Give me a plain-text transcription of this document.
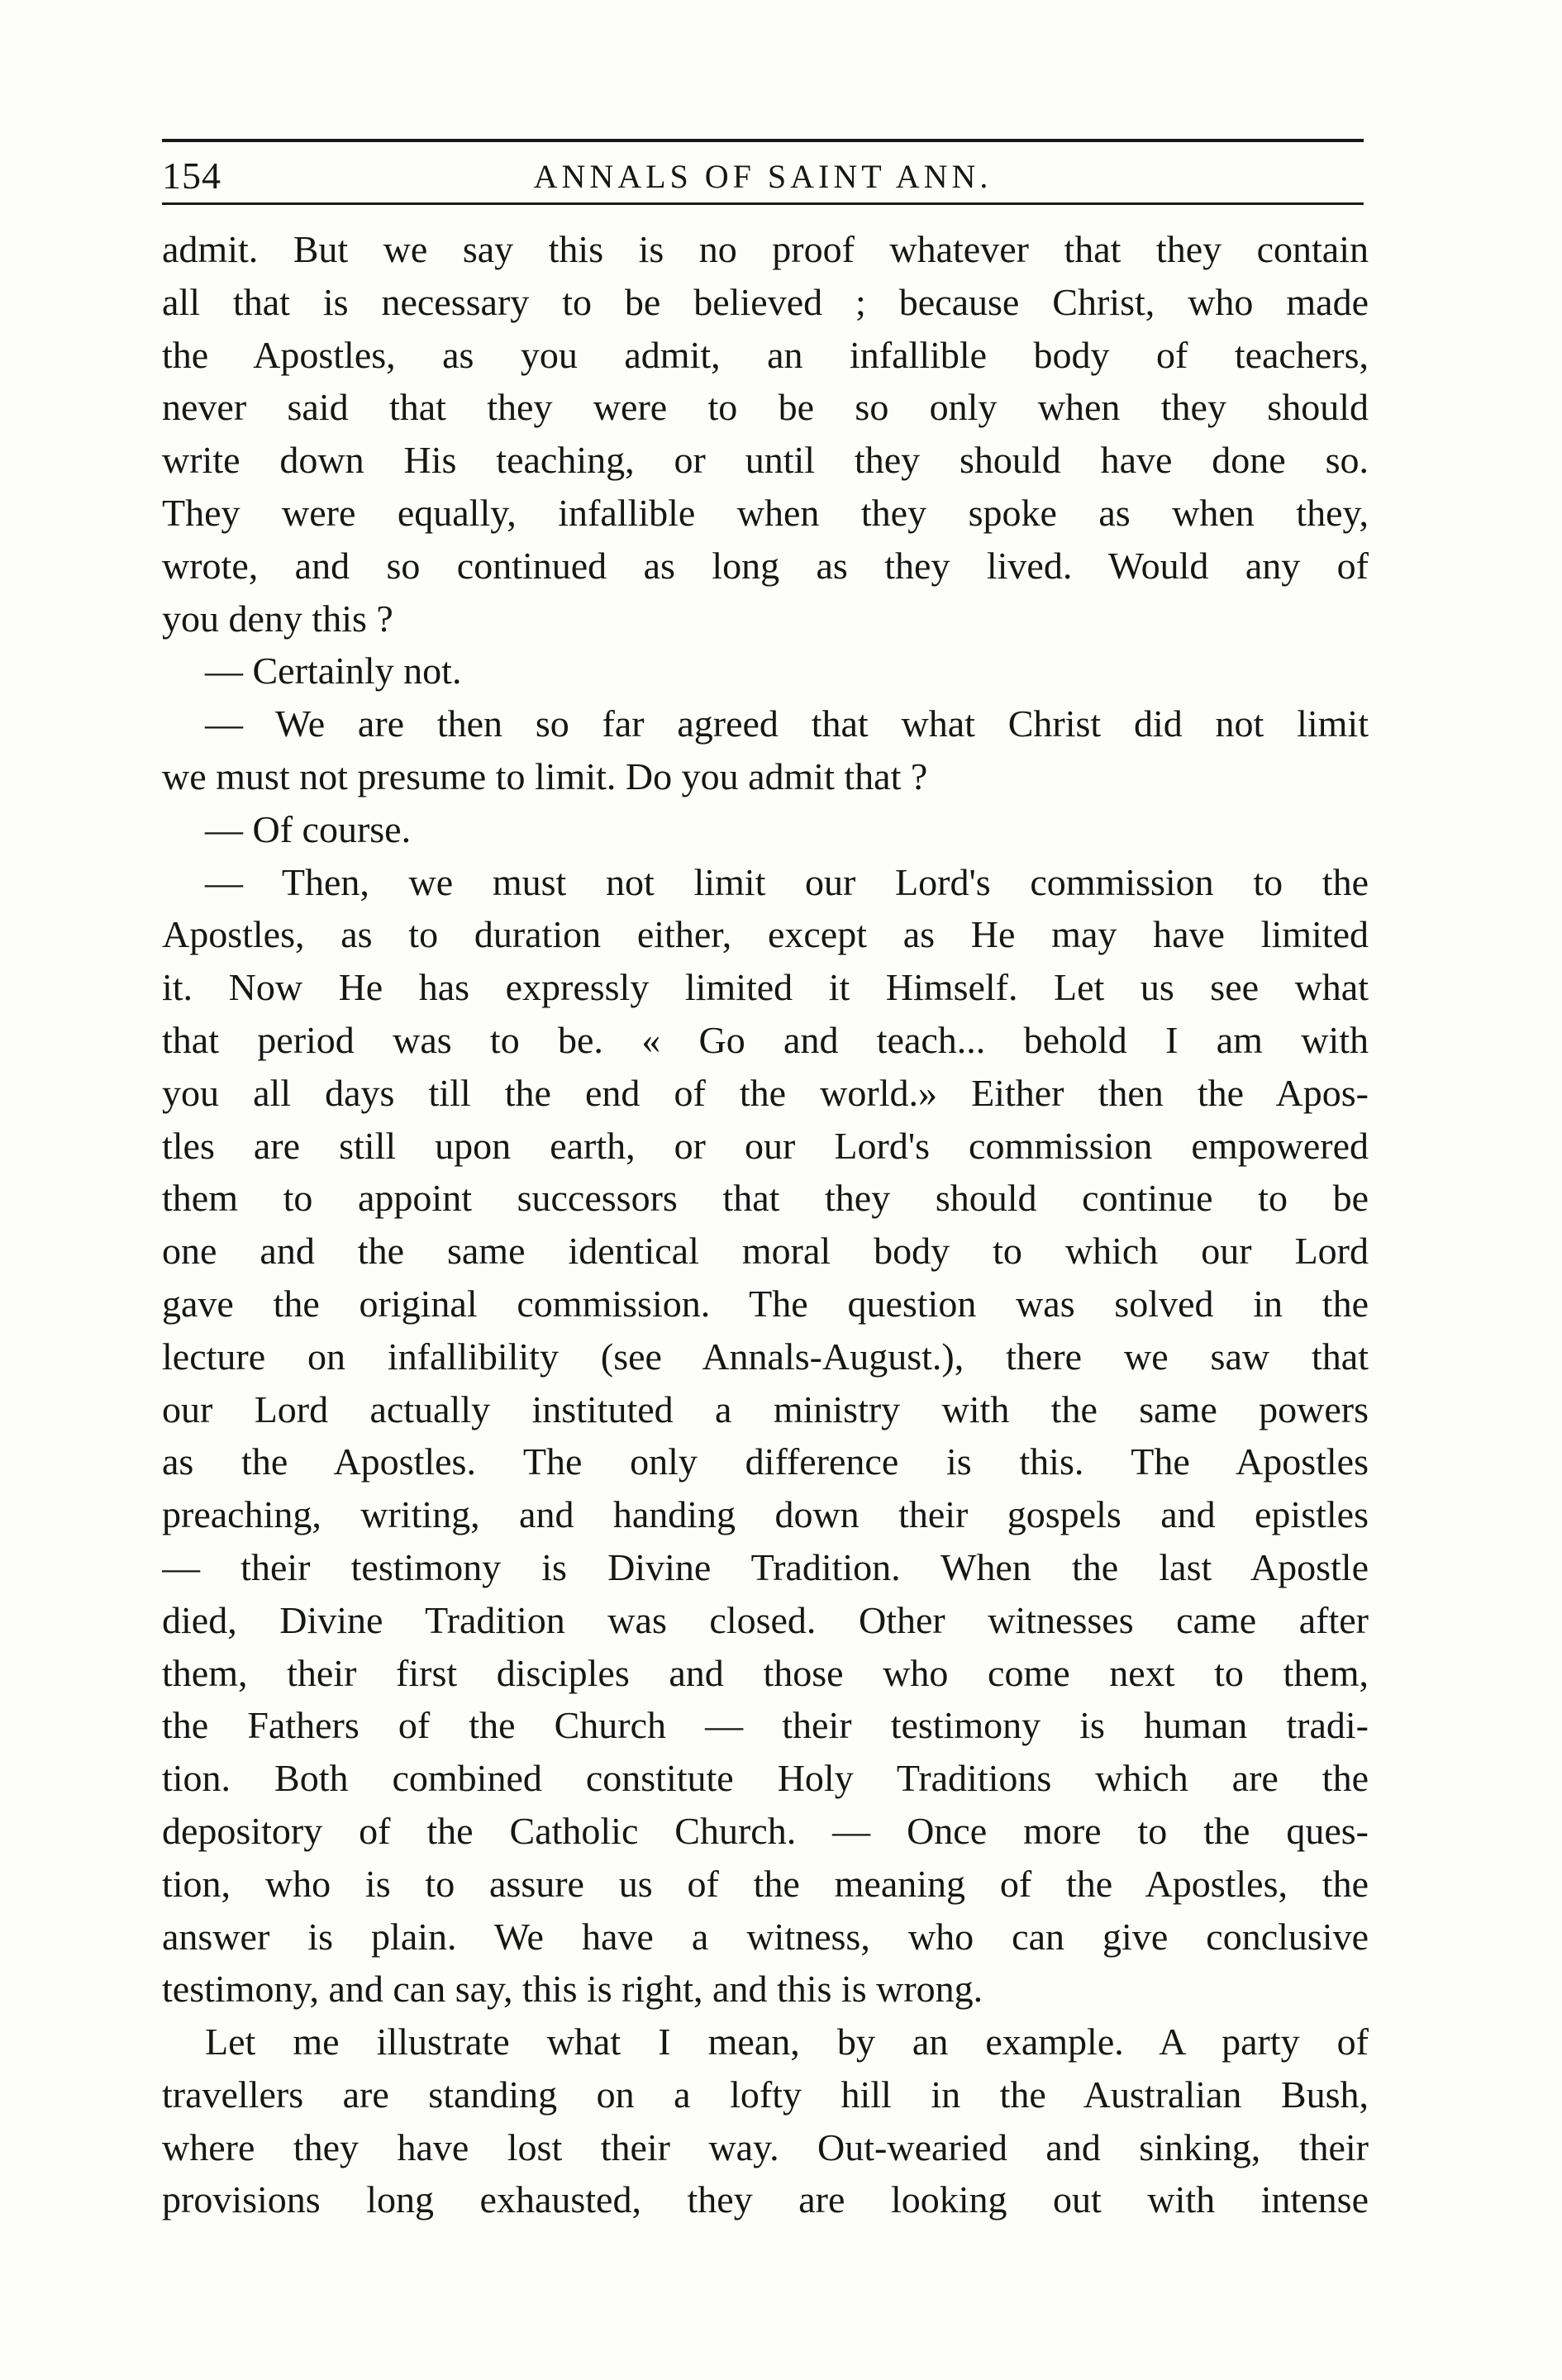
154	ANNALS OF SAINT ANN.
admit. But we say this is no proof whatever that they contain
all that is necessary to be believed ; because Christ, who made
the Apostles, as you admit, an infallible body of teachers,
never said that they were to be so only when they should
write down His teaching, or until they should have done so.
They were equally, infallible when they spoke as when they,
wrote, and so continued as long as they lived. Would any of
you deny this ?
— Certainly not.
— We are then so far agreed that what Christ did not limit
we must not presume to limit. Do you admit that ?
— Of course.
— Then, we must not limit our Lord's commission to the
Apostles, as to duration either, except as He may have limited
it. Now He has expressly limited it Himself. Let us see what
that period was to be. « Go and teach... behold I am with
you all days till the end of the world.» Either then the Apos-
tles are still upon earth, or our Lord's commission empowered
them to appoint successors that they should continue to be
one and the same identical moral body to which our Lord
gave the original commission. The question was solved in the
lecture on infallibility (see Annals-August.), there we saw that
our Lord actually instituted a ministry with the same powers
as the Apostles. The only difference is this. The Apostles
preaching, writing, and handing down their gospels and epistles
— their testimony is Divine Tradition. When the last Apostle
died, Divine Tradition was closed. Other witnesses came after
them, their first disciples and those who come next to them,
the Fathers of the Church — their testimony is human tradi-
tion. Both combined constitute Holy Traditions which are the
depository of the Catholic Church. — Once more to the ques-
tion, who is to assure us of the meaning of the Apostles, the
answer is plain. We have a witness, who can give conclusive
testimony, and can say, this is right, and this is wrong.
Let me illustrate what I mean, by an example. A party of
travellers are standing on a lofty hill in the Australian Bush,
where they have lost their way. Out-wearied and sinking, their
provisions long exhausted, they are looking out with intense
